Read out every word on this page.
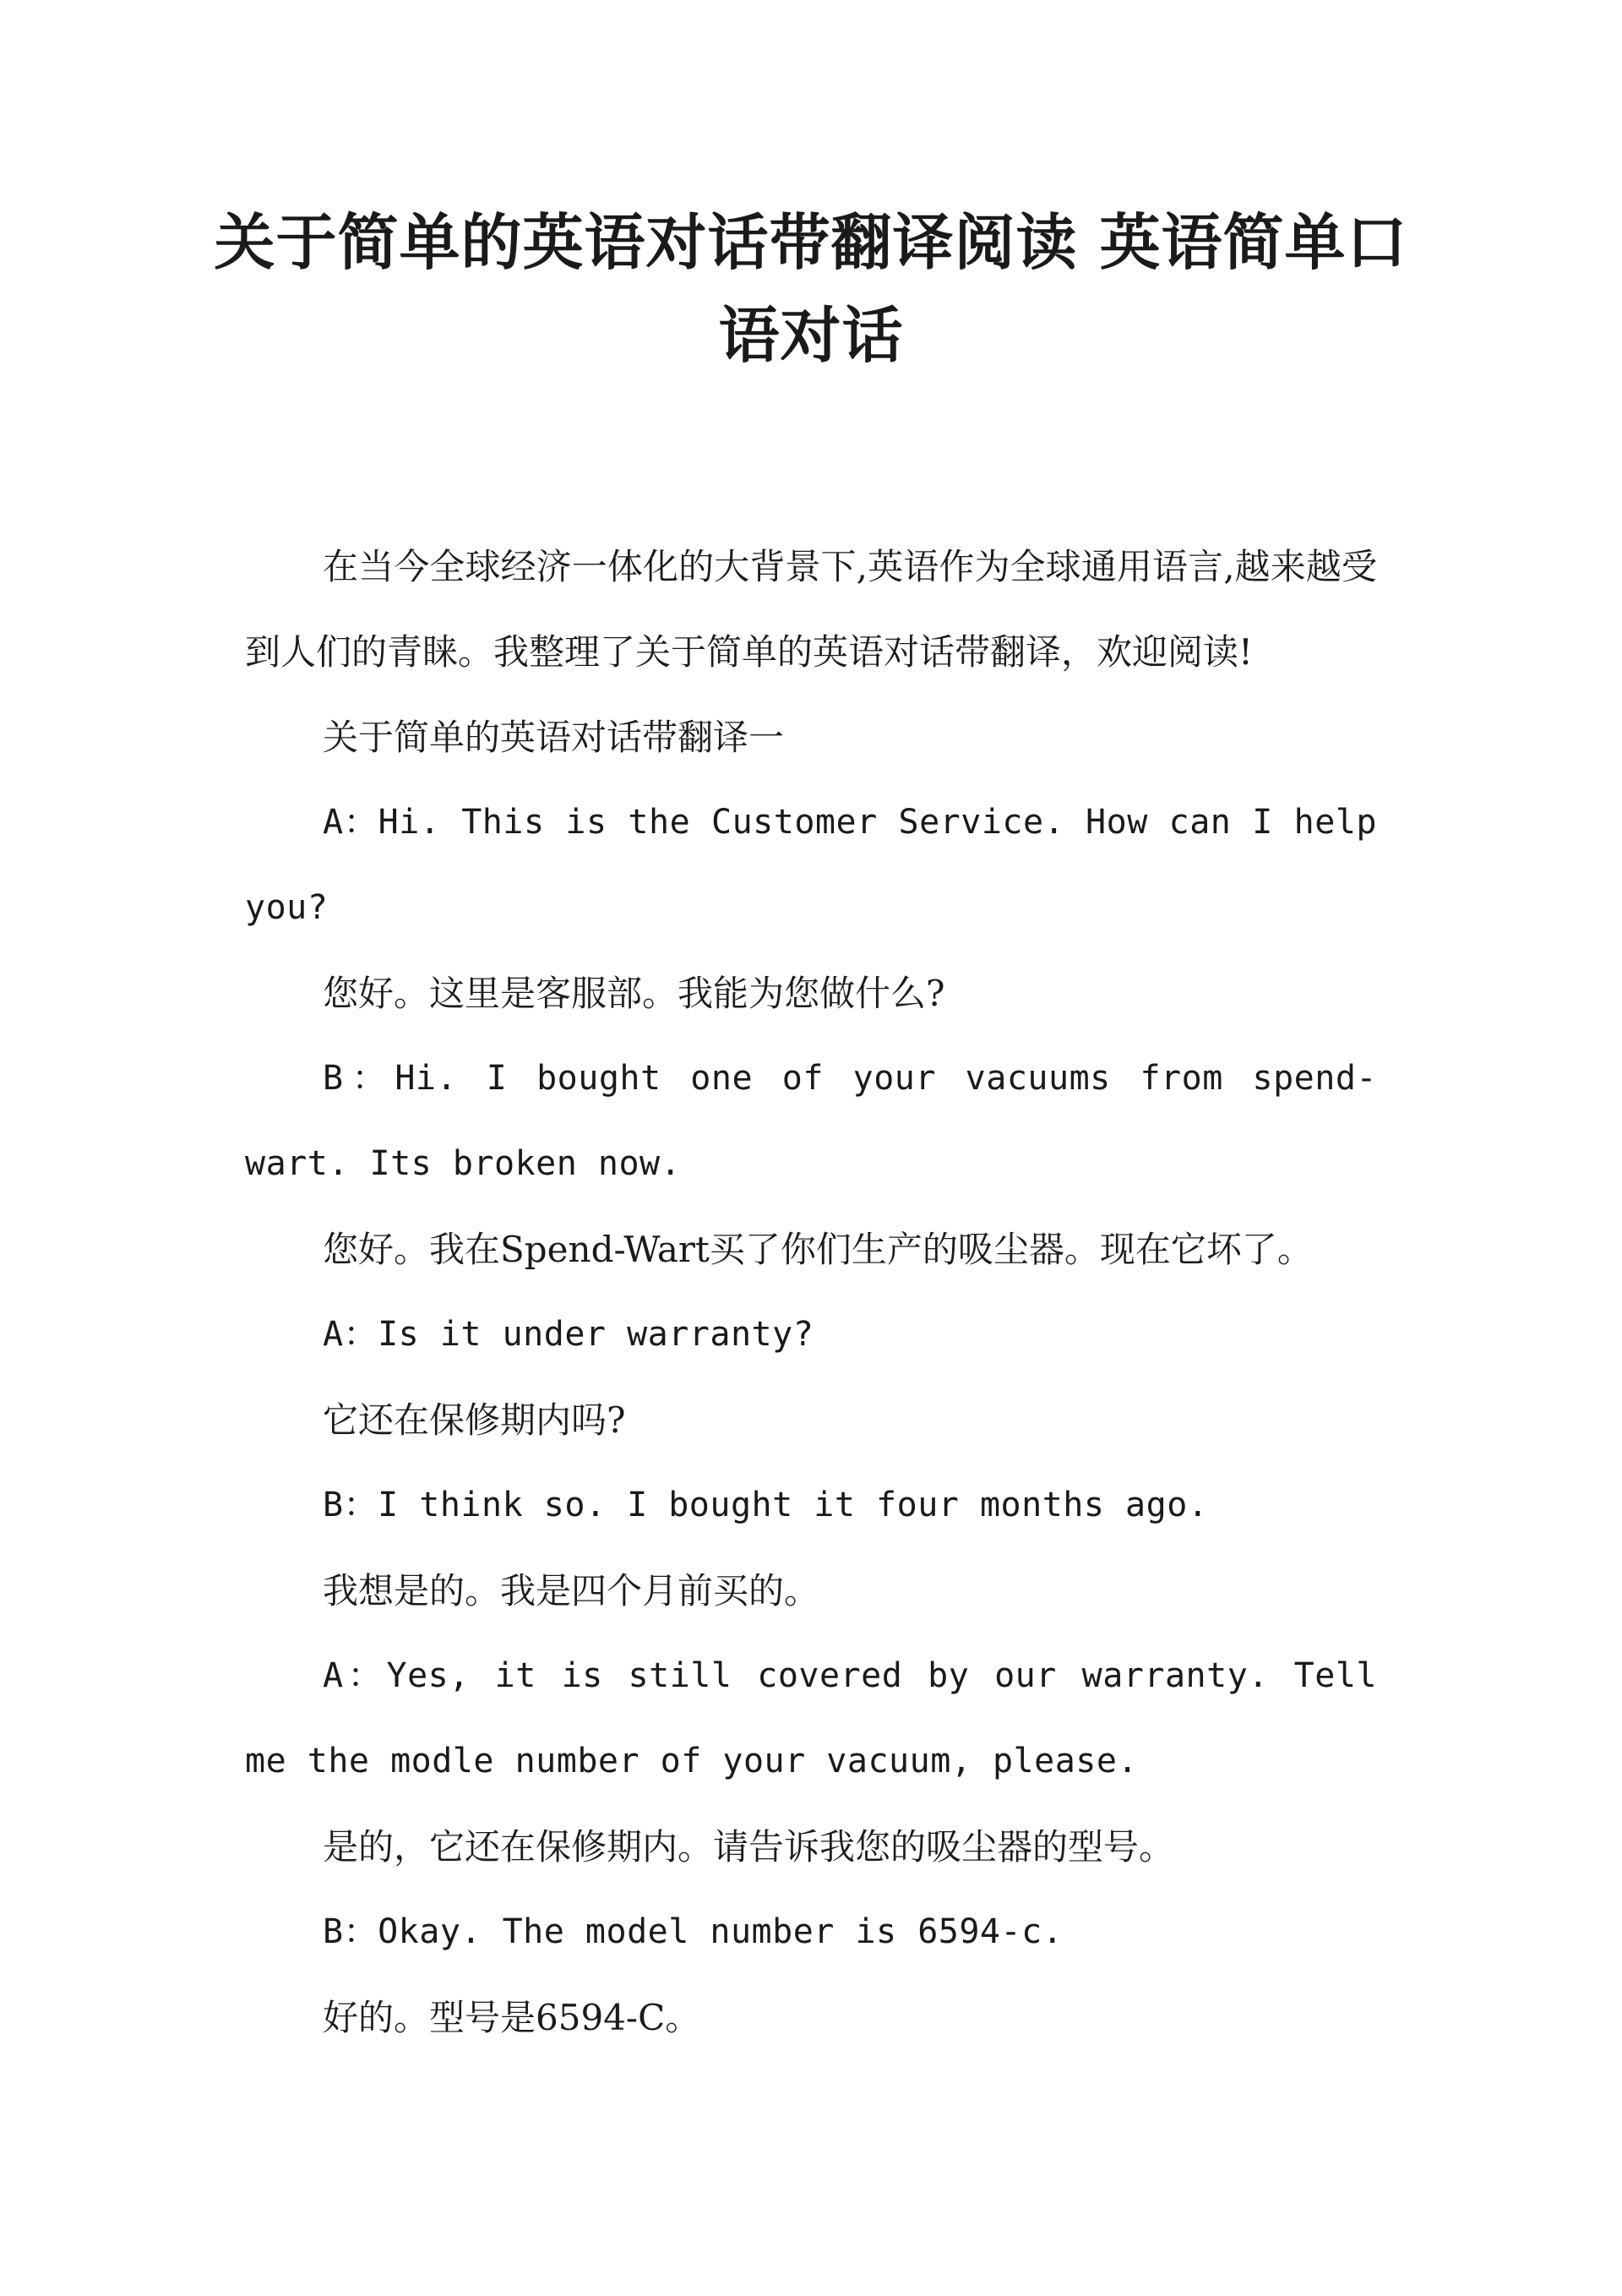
关于简单的英语对话带翻译阅读 英语简单口语对话

在当今全球经济一体化的大背景下,英语作为全球通用语言,越来越受到人们的青睐。我整理了关于简单的英语对话带翻译，欢迎阅读!

关于简单的英语对话带翻译一

A：Hi. This is the Customer Service. How can I help you?

您好。这里是客服部。我能为您做什么?

B：Hi. I bought one of your vacuums from spend-wart. Its broken now.

您好。我在Spend-Wart买了你们生产的吸尘器。现在它坏了。

A：Is it under warranty?

它还在保修期内吗?

B：I think so. I bought it four months ago.

我想是的。我是四个月前买的。

A：Yes, it is still covered by our warranty. Tell me the modle number of your vacuum, please.

是的，它还在保修期内。请告诉我您的吸尘器的型号。

B：Okay. The model number is 6594-c.

好的。型号是6594-C。
